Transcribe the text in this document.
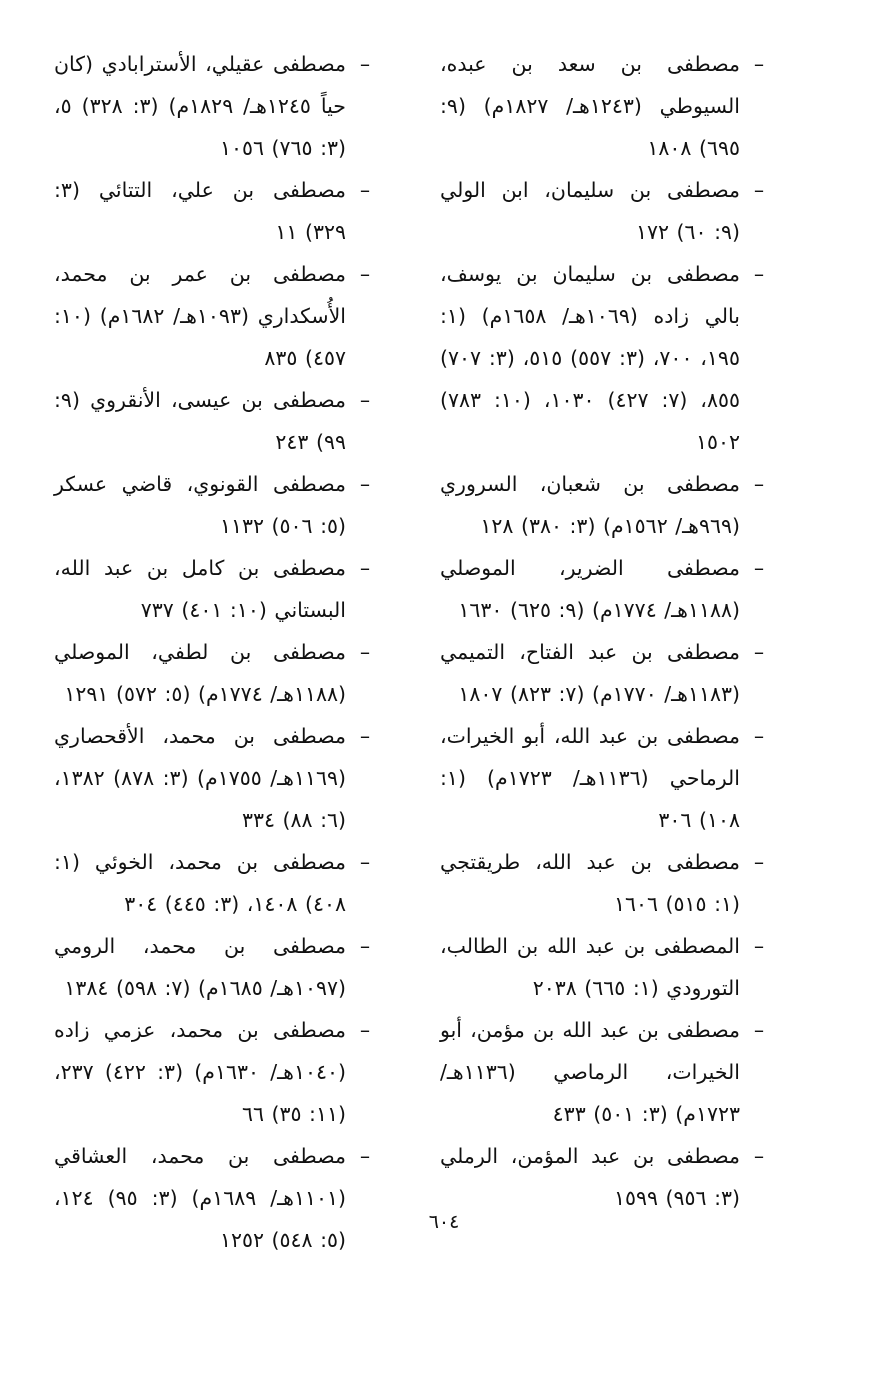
–
مصطفى بن سعد بن عبده، السيوطي (١٢٤٣هـ/ ١٨٢٧م) (٩: ٦٩٥) ١٨٠٨
–
مصطفى بن سليمان، ابن الولي (٩: ٦٠) ١٧٢
–
مصطفى بن سليمان بن يوسف، بالي زاده (١٠٦٩هـ/ ١٦٥٨م) (١: ١٩٥، ٧٠٠، (٣: ٥٥٧) ٥١٥، (٣: ٧٠٧) ٨٥٥، (٧: ٤٢٧) ١٠٣٠، (١٠: ٧٨٣) ١٥٠٢
–
مصطفى بن شعبان، السروري (٩٦٩هـ/ ١٥٦٢م) (٣: ٣٨٠) ١٢٨
–
مصطفى الضرير، الموصلي (١١٨٨هـ/ ١٧٧٤م) (٩: ٦٢٥) ١٦٣٠
–
مصطفى بن عبد الفتاح، التميمي (١١٨٣هـ/ ١٧٧٠م) (٧: ٨٢٣) ١٨٠٧
–
مصطفى بن عبد الله، أبو الخيرات، الرماحي (١١٣٦هـ/ ١٧٢٣م) (١: ١٠٨) ٣٠٦
–
مصطفى بن عبد الله، طريقتجي (١: ٥١٥) ١٦٠٦
–
المصطفى بن عبد الله بن الطالب، التورودي (١: ٦٦٥) ٢٠٣٨
–
مصطفى بن عبد الله بن مؤمن، أبو الخيرات، الرماصي (١١٣٦هـ/ ١٧٢٣م) (٣: ٥٠١) ٤٣٣
–
مصطفى بن عبد المؤمن، الرملي (٣: ٩٥٦) ١٥٩٩
–
مصطفى عقيلي، الأسترابادي (كان حياً ١٢٤٥هـ/ ١٨٢٩م) (٣: ٣٢٨) ٥، (٣: ٧٦٥) ١٠٥٦
–
مصطفى بن علي، التتائي (٣: ٣٢٩) ١١
–
مصطفى بن عمر بن محمد، الأُسكداري (١٠٩٣هـ/ ١٦٨٢م) (١٠: ٤٥٧) ٨٣٥
–
مصطفى بن عيسى، الأنقروي (٩: ٩٩) ٢٤٣
–
مصطفى القونوي، قاضي عسكر (٥: ٥٠٦) ١١٣٢
–
مصطفى بن كامل بن عبد الله، البستاني (١٠: ٤٠١) ٧٣٧
–
مصطفى بن لطفي، الموصلي (١١٨٨هـ/ ١٧٧٤م) (٥: ٥٧٢) ١٢٩١
–
مصطفى بن محمد، الأقحصاري (١١٦٩هـ/ ١٧٥٥م) (٣: ٨٧٨) ١٣٨٢، (٦: ٨٨) ٣٣٤
–
مصطفى بن محمد، الخوئي (١: ٤٠٨) ١٤٠٨، (٣: ٤٤٥) ٣٠٤
–
مصطفى بن محمد، الرومي (١٠٩٧هـ/ ١٦٨٥م) (٧: ٥٩٨) ١٣٨٤
–
مصطفى بن محمد، عزمي زاده (١٠٤٠هـ/ ١٦٣٠م) (٣: ٤٢٢) ٢٣٧، (١١: ٣٥) ٦٦
–
مصطفى بن محمد، العشاقي (١١٠١هـ/ ١٦٨٩م) (٣: ٩٥) ١٢٤، (٥: ٥٤٨) ١٢٥٢
٦٠٤
